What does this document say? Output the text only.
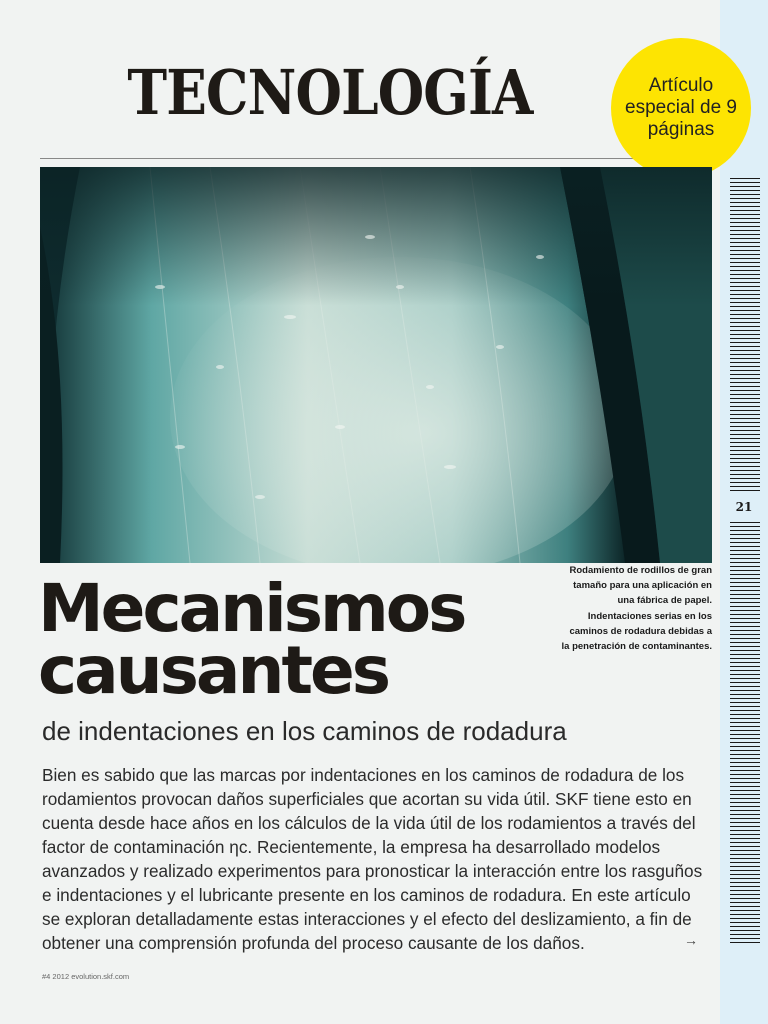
21
TECNOLOGÍA	Artículo especial de 9 páginas
Rodamiento de rodillos de gran tamaño para una aplicación en una fábrica de papel. Indentaciones serias en los caminos de rodadura debidas a la penetración de contaminantes.
Mecanismos
causantes
de indentaciones en los caminos de rodadura
Bien es sabido que las marcas por indentaciones en los caminos de rodadura de los rodamientos provocan daños superficiales que acortan su vida útil. SKF tiene esto en cuenta desde hace años en los cálculos de la vida útil de los rodamientos a través del factor de contaminación ηc. Recientemente, la empresa ha desarrollado modelos avanzados y realizado experimentos para pronosticar la interacción entre los rasguños e indentaciones y el lubricante presente en los caminos de rodadura. En este artículo se exploran detalladamente estas interacciones y el efecto del deslizamiento, a fin de obtener una comprensión profunda del proceso causante de los daños.	→
#4 2012 evolution.skf.com
